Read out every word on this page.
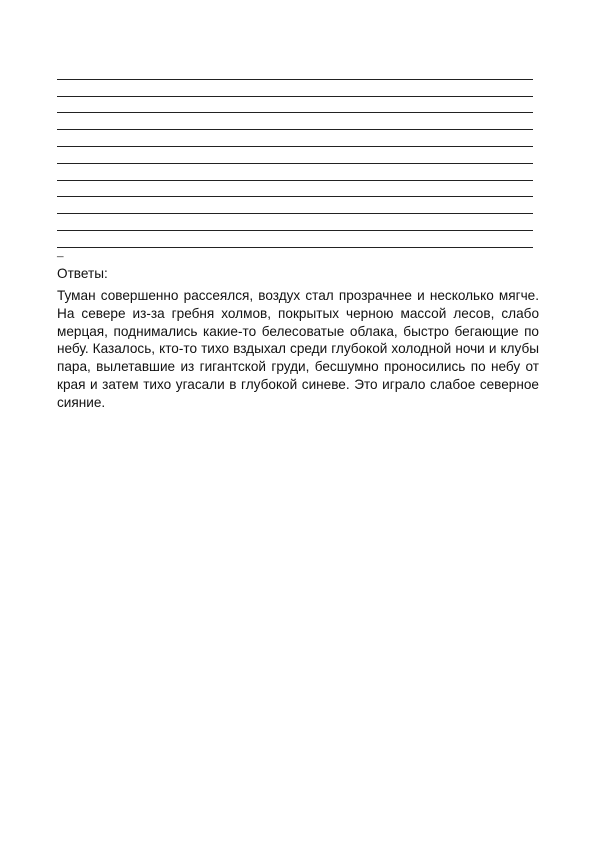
–

Ответы:

Туман совершенно рассеялся, воздух стал прозрачнее и несколько мягче. На севере из-за гребня холмов, покрытых черною массой лесов, слабо мерцая, поднимались какие-то белесоватые облака, быстро бегающие по небу. Казалось, кто-то тихо вздыхал среди глубокой холодной ночи и клубы пара, вылетавшие из гигантской груди, бесшумно проносились по небу от края и затем тихо угасали в глубокой синеве. Это играло слабое северное сияние.
